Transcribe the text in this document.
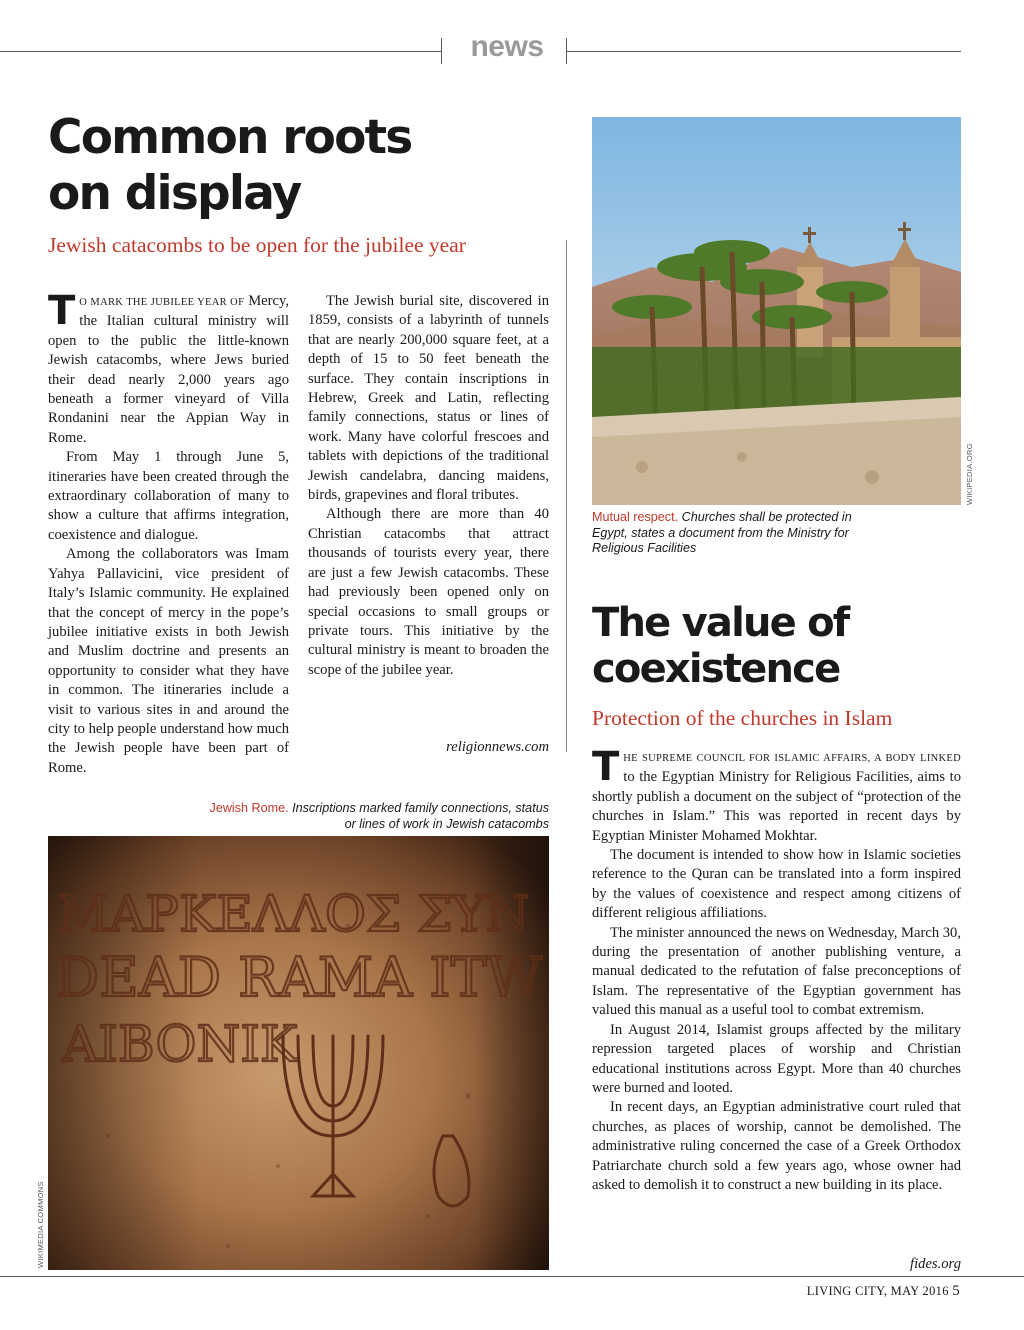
news
Common roots
on display
Jewish catacombs to be open for the jubilee year

T O MARK THE JUBILEE YEAR OF Mercy, the Italian cultural ministry will open to the public the little-known Jewish catacombs, where Jews buried their dead nearly 2,000 years ago beneath a former vineyard of Villa Rondanini near the Appian Way in Rome.

From May 1 through June 5, itineraries have been created through the extraordinary collaboration of many to show a culture that affirms integration, coexistence and dialogue.

Among the collaborators was Imam Yahya Pallavicini, vice president of Italy’s Islamic community. He explained that the concept of mercy in the pope’s jubilee initiative exists in both Jewish and Muslim doctrine and presents an opportunity to consider what they have in common. The itineraries include a visit to various sites in and around the city to help people understand how much the Jewish people have been part of Rome.

The Jewish burial site, discovered in 1859, consists of a labyrinth of tunnels that are nearly 200,000 square feet, at a depth of 15 to 50 feet beneath the surface. They contain inscriptions in Hebrew, Greek and Latin, reflecting family connections, status or lines of work. Many have colorful frescoes and tablets with depictions of the traditional Jewish candelabra, dancing maidens, birds, grapevines and floral tributes.

Although there are more than 40 Christian catacombs that attract thousands of tourists every year, there are just a few Jewish catacombs. These had previously been opened only on special occasions to small groups or private tours. This initiative by the cultural ministry is meant to broaden the scope of the jubilee year.

religionnews.com
Jewish Rome. Inscriptions marked family connections, status or lines of work in Jewish catacombs
ΜΑΡΚΕΛΛΟΣ ΣΥΝ
DEAD RAMA ITW
AIBONIK
WIKIMEDIA COMMONS
WIKIPEDIA.ORG
Mutual respect. Churches shall be protected in Egypt, states a document from the Ministry for Religious Facilities
The value of
coexistence
Protection of the churches in Islam

THE SUPREME COUNCIL FOR ISLAMIC AFFAIRS, A BODY LINKED to the Egyptian Ministry for Religious Facilities, aims to shortly publish a document on the subject of “protection of the churches in Islam.” This was reported in recent days by Egyptian Minister Mohamed Mokhtar.

The document is intended to show how in Islamic societies reference to the Quran can be translated into a form inspired by the values of coexistence and respect among citizens of different religious affiliations.

The minister announced the news on Wednesday, March 30, during the presentation of another publishing venture, a manual dedicated to the refutation of false preconceptions of Islam. The representative of the Egyptian government has valued this manual as a useful tool to combat extremism.

In August 2014, Islamist groups affected by the military repression targeted places of worship and Christian educational institutions across Egypt. More than 40 churches were burned and looted.

In recent days, an Egyptian administrative court ruled that churches, as places of worship, cannot be demolished. The administrative ruling concerned the case of a Greek Orthodox Patriarchate church sold a few years ago, whose owner had asked to demolish it to construct a new building in its place.

fides.org
LIVING CITY, MAY 2016 5
